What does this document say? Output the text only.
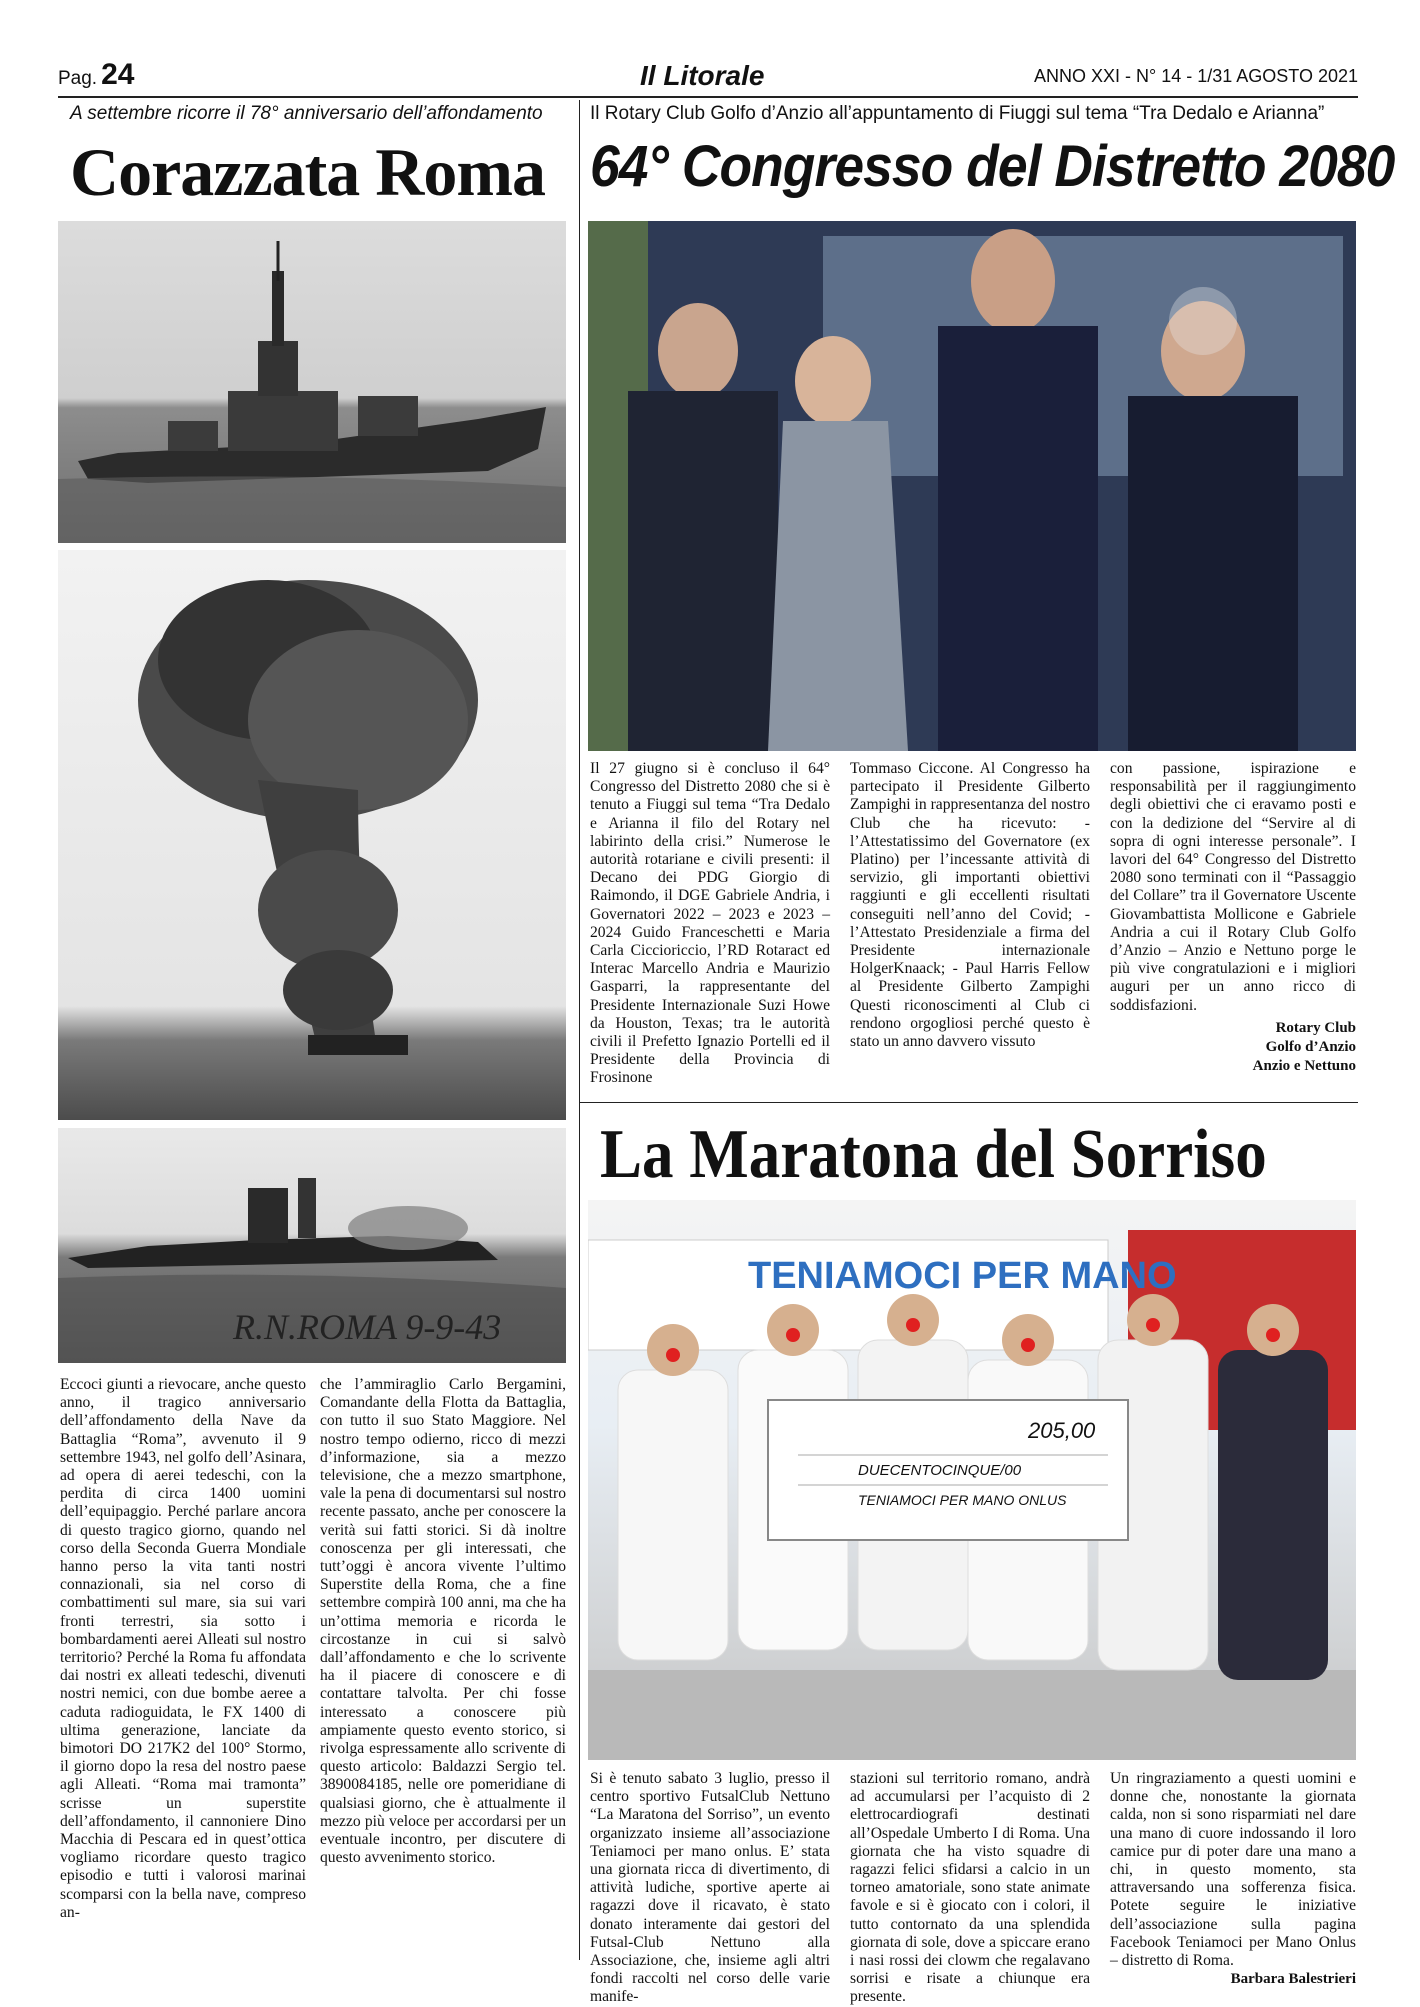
Pag. 24	Il Litorale	ANNO XXI - N° 14 - 1/31 AGOSTO 2021
A settembre ricorre il 78° anniversario dell’affondamento
Corazzata Roma
R.N.ROMA 9-9-43

Eccoci giunti a rievocare, anche questo anno, il tragico anniversario dell’affondamento della Nave da Battaglia “Roma”, avvenuto il 9 settembre 1943, nel golfo dell’Asinara, ad opera di aerei tedeschi, con la perdita di circa 1400 uomini dell’equipaggio. Perché parlare ancora di questo tragico giorno, quando nel corso della Seconda Guerra Mondiale hanno perso la vita tanti nostri connazionali, sia nel corso di combattimenti sul mare, sia sui vari fronti terrestri, sia sotto i bombardamenti aerei Alleati sul nostro territorio? Perché la Roma fu affondata dai nostri ex alleati tedeschi, divenuti nostri nemici, con due bombe aeree a caduta radioguidata, le FX 1400 di ultima generazione, lanciate da bimotori DO 217K2 del 100° Stormo, il giorno dopo la resa del nostro paese agli Alleati. “Roma mai tramonta” scrisse un superstite dell’affondamento, il cannoniere Dino Macchia di Pescara ed in quest’ottica vogliamo ricordare questo tragico episodio e tutti i valorosi marinai scomparsi con la bella nave, compreso an-

che l’ammiraglio Carlo Bergamini, Comandante della Flotta da Battaglia, con tutto il suo Stato Maggiore. Nel nostro tempo odierno, ricco di mezzi d’informazione, sia a mezzo televisione, che a mezzo smartphone, vale la pena di documentarsi sul nostro recente passato, anche per conoscere la verità sui fatti storici. Si dà inoltre conoscenza per gli interessati, che tutt’oggi è ancora vivente l’ultimo Superstite della Roma, che a fine settembre compirà 100 anni, ma che ha un’ottima memoria e ricorda le circostanze in cui si salvò dall’affondamento e che lo scrivente ha il piacere di conoscere e di contattare talvolta. Per chi fosse interessato a conoscere più ampiamente questo evento storico, si rivolga espressamente allo scrivente di questo articolo: Baldazzi Sergio tel. 3890084185, nelle ore pomeridiane di qualsiasi giorno, che è attualmente il mezzo più veloce per accordarsi per un eventuale incontro, per discutere di questo avvenimento storico.

Il Rotary Club Golfo d’Anzio all’appuntamento di Fiuggi sul tema “Tra Dedalo e Arianna”
64° Congresso del Distretto 2080

Il 27 giugno si è concluso il 64° Congresso del Distretto 2080 che si è tenuto a Fiuggi sul tema “Tra Dedalo e Arianna il filo del Rotary nel labirinto della crisi.” Numerose le autorità rotariane e civili presenti: il Decano dei PDG Giorgio di Raimondo, il DGE Gabriele Andria, i Governatori 2022 – 2023 e 2023 – 2024 Guido Franceschetti e Maria Carla Ciccioriccio, l’RD Rotaract ed Interac Marcello Andria e Maurizio Gasparri, la rappresentante del Presidente Internazionale Suzi Howe da Houston, Texas; tra le autorità civili il Prefetto Ignazio Portelli ed il Presidente della Provincia di Frosinone

Tommaso Ciccone. Al Congresso ha partecipato il Presidente Gilberto Zampighi in rappresentanza del nostro Club che ha ricevuto: - l’Attestatissimo del Governatore (ex Platino) per l’incessante attività di servizio, gli importanti obiettivi raggiunti e gli eccellenti risultati conseguiti nell’anno del Covid; - l’Attestato Presidenziale a firma del Presidente internazionale HolgerKnaack; - Paul Harris Fellow al Presidente Gilberto Zampighi Questi riconoscimenti al Club ci rendono orgogliosi perché questo è stato un anno davvero vissuto

con passione, ispirazione e responsabilità per il raggiungimento degli obiettivi che ci eravamo posti e con la dedizione del “Servire al di sopra di ogni interesse personale”. I lavori del 64° Congresso del Distretto 2080 sono terminati con il “Passaggio del Collare” tra il Governatore Uscente Giovambattista Mollicone e Gabriele Andria a cui il Rotary Club Golfo d’Anzio – Anzio e Nettuno porge le più vive congratulazioni e i migliori auguri per un anno ricco di soddisfazioni.

Rotary Club
Golfo d’Anzio
Anzio e Nettuno
La Maratona del Sorriso
TENIAMOCI PER MANO
205,00
DUECENTOCINQUE/00
TENIAMOCI PER MANO ONLUS

Si è tenuto sabato 3 luglio, presso il centro sportivo FutsalClub Nettuno “La Maratona del Sorriso”, un evento organizzato insieme all’associazione Teniamoci per mano onlus. E’ stata una giornata ricca di divertimento, di attività ludiche, sportive aperte ai ragazzi dove il ricavato, è stato donato interamente dai gestori del Futsal-Club Nettuno alla Associazione, che, insieme agli altri fondi raccolti nel corso delle varie manife-

stazioni sul territorio romano, andrà ad accumularsi per l’acquisto di 2 elettrocardiografi destinati all’Ospedale Umberto I di Roma. Una giornata che ha visto squadre di ragazzi felici sfidarsi a calcio in un torneo amatoriale, sono state animate favole e si è giocato con i colori, il tutto contornato da una splendida giornata di sole, dove a spiccare erano i nasi rossi dei clowm che regalavano sorrisi e risate a chiunque era presente.

Un ringraziamento a questi uomini e donne che, nonostante la giornata calda, non si sono risparmiati nel dare una mano di cuore indossando il loro camice pur di poter dare una mano a chi, in questo momento, sta attraversando una sofferenza fisica. Potete seguire le iniziative dell’associazione sulla pagina Facebook Teniamoci per Mano Onlus – distretto di Roma.

Barbara Balestrieri
